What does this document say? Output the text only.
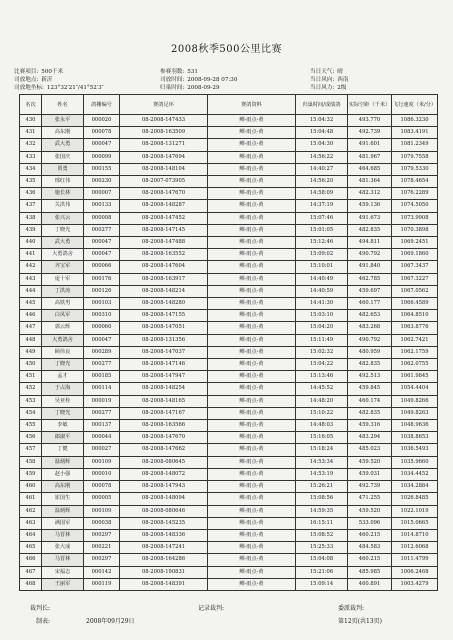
2008秋季500公里比赛
比赛项目: 500千米
司放地点: 新沂
司放地坐标: 123°32′21″/41°52′3″
参赛羽数: 531
司放时间: 2008-09-28 07:30
归巢时间: 2008-09-29
当日天气: 晴
当日风向: 西南
当日风力: 2级
名次	姓名	鸽棚编号	赛鸽足环	赛鸽资料	归巢时间/成绩鸽	实际空距（千米）	飞行速度（米/分）
430	张永平	000020	08-2008-147433	鳏-雨点-黄	15:04:32	493.770	1086.3230
431	高东刚	000078	08-2008-163509	鳏-雨点-黄	15:04:48	492.739	1083.4191
432	武大勇	000047	08-2008-131271	鳏-雨点-黄	15:04:30	491.601	1081.2349
433	张国庆	000099	08-2008-147694	鳏-雨点-黄	14:56:22	481.967	1079.7558
434	贾勇	000155	08-2008-148104	鳏-雨点-黄	14:40:27	464.685	1079.5330
435	邢红伟	000230	08-2007-073905	鳏-雨点-黄	14:56:20	481.364	1078.4654
436	施长林	000007	08-2008-147670	鳏-雨点-黄	14:58:09	482.312	1076.2289
437	关洪伟	000133	08-2008-148287	鳏-雨点-黄	14:37:19	459.136	1074.5050
438	张兴云	000008	08-2008-147452	鳏-雨点-黄	15:07:46	491.673	1073.9908
439	丁晓光	000277	08-2008-147145	鳏-雨点-黄	15:01:05	482.835	1070.3898
440	武大勇	000047	08-2008-147488	鳏-雨点-黄	15:12:46	494.811	1069.2451
441	大勇鸽舍	000047	08-2008-163552	鳏-雨点-黄	15:09:02	490.792	1069.1860
442	齐宝军	000066	08-2008-147604	鳏-雨点-黄	15:10:01	491.840	1067.3437
443	庞十军	000176	08-2008-163917	鳏-雨点-黄	14:40:49	462.785	1067.3227
444	丁洪涛	000126	08-2008-148214	鳏-雨点-黄	14:40:59	459.697	1067.0562
445	高铁男	000103	08-2008-148280	鳏-雨点-黄	14:41:30	460.177	1066.4589
446	白凤军	000310	08-2008-147155	鳏-雨点-黄	15:03:10	482.653	1064.8510
447	郭云辉	000060	08-2008-147051	鳏-雨点-黄	15:04:20	483.268	1063.8776
448	大勇鸽舍	000047	08-2008-131356	鳏-雨点-黄	15:11:49	490.792	1062.7421
449	顾伟良	000289	08-2008-147037	鳏-雨点-黄	15:02:32	480.959	1062.1759
450	丁晓光	000277	08-2008-147146	鳏-雨点-黄	15:04:22	482.835	1062.0755
451	孟才	000185	08-2008-147947	鳏-雨点-黄	15:13:46	492.513	1061.9845
452	于占海	000114	08-2008-148254	鳏-雨点-黄	14:45:52	459.845	1054.4404
453	吴亚栓	000019	08-2008-148165	鳏-雨点-黄	14:48:20	460.174	1049.8266
454	丁晓光	000277	08-2008-147167	鳏-雨点-黄	15:10:22	482.835	1049.8263
455	李敏	000137	08-2008-163566	鳏-雨点-黄	14:48:03	459.316	1048.9636
456	郎淑平	000044	08-2008-147670	鳏-雨点-黄	15:16:05	483.294	1038.8653
457	丁健	000027	08-2008-147662	鳏-雨点-黄	15:18:24	485.023	1036.5493
458	温炳辉	000109	08-2008-080645	鳏-雨点-黄	14:53:34	459.520	1035.9660
459	赵小强	000010	08-2008-148072	鳏-雨点-黄	14:53:19	459.031	1034.4452
460	高东刚	000078	08-2008-147943	鳏-雨点-黄	15:26:21	492.739	1034.2884
461	崔国生	000005	08-2008-148094	鳏-雨点-黄	15:08:56	471.255	1026.8485
462	温炳辉	000109	08-2008-080646	鳏-雨点-黄	14:59:35	459.520	1022.1019
463	满国军	000038	08-2008-145235	鳏-雨点-黄	16:15:11	533.096	1015.0665
464	马晋林	000297	08-2008-148336	鳏-雨点-黄	15:08:52	460.215	1014.8710
465	张大成	000221	08-2008-147241	鳏-雨点-黄	15:25:33	484.583	1012.6068
466	马晋林	000297	08-2008-164286	鳏-雨点-黄	15:04:08	460.215	1011.4799
467	宋福志	000142	08-2008-190831	鳏-雨点-黄	15:21:06	485.985	1006.2468
468	王丽军	000119	08-2008-148391	鳏-雨点-黄	15:09:14	460.891	1003.4279
裁判长:	记录裁判:	委派裁判:
制表:	2008年09月29日	第12页(共13页)
